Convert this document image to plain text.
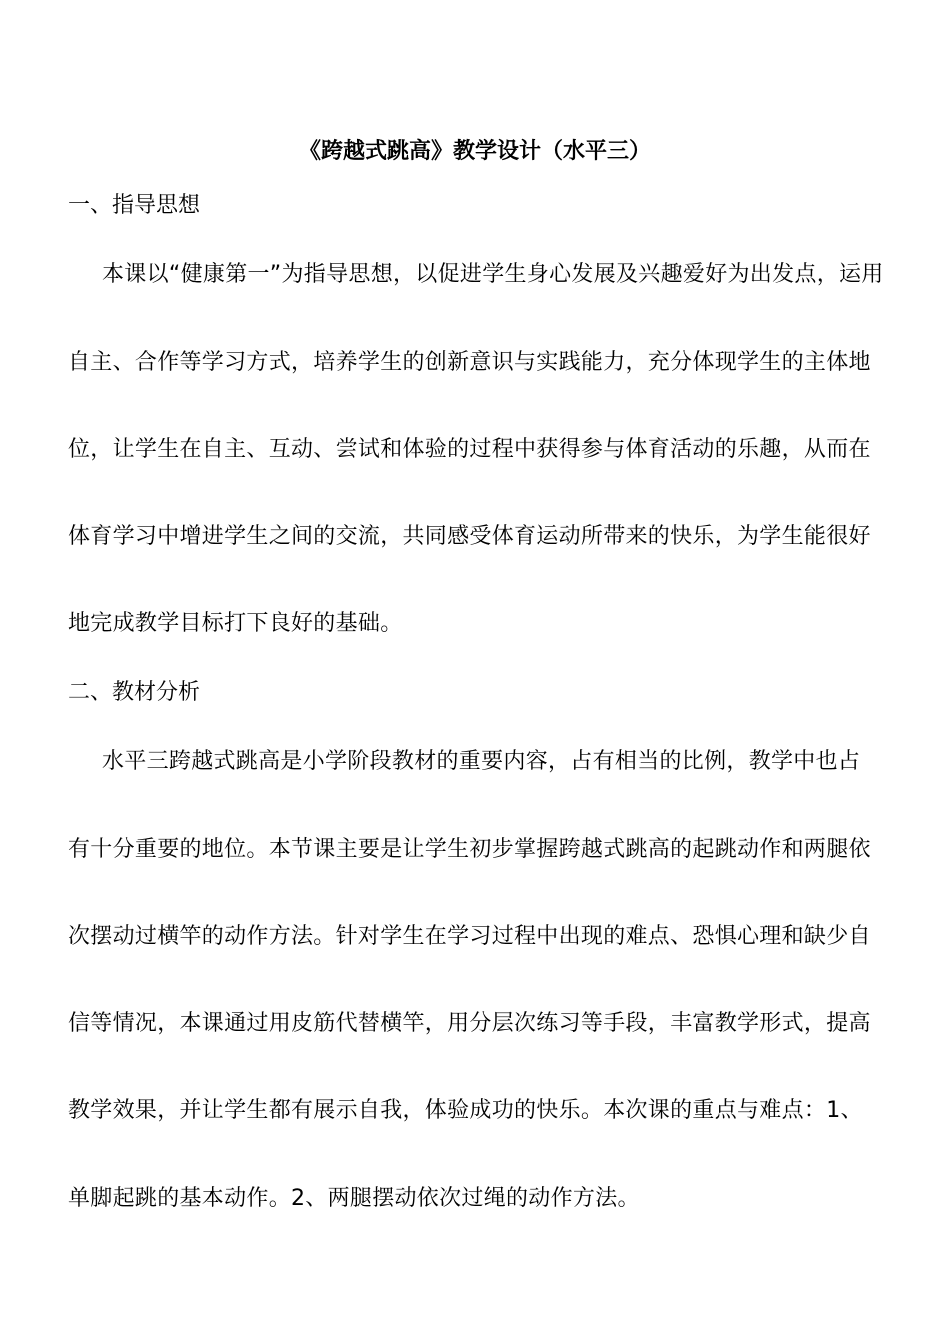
《跨越式跳高》教学设计（水平三）
一、指导思想
本课以“健康第一”为指导思想，以促进学生身心发展及兴趣爱好为出发点，运用
自主、合作等学习方式，培养学生的创新意识与实践能力，充分体现学生的主体地
位，让学生在自主、互动、尝试和体验的过程中获得参与体育活动的乐趣，从而在
体育学习中增进学生之间的交流，共同感受体育运动所带来的快乐，为学生能很好
地完成教学目标打下良好的基础。
二、教材分析
水平三跨越式跳高是小学阶段教材的重要内容，占有相当的比例，教学中也占
有十分重要的地位。本节课主要是让学生初步掌握跨越式跳高的起跳动作和两腿依
次摆动过横竿的动作方法。针对学生在学习过程中出现的难点、恐惧心理和缺少自
信等情况，本课通过用皮筋代替横竿，用分层次练习等手段，丰富教学形式，提高
教学效果，并让学生都有展示自我，体验成功的快乐。本次课的重点与难点：1、
单脚起跳的基本动作。2、两腿摆动依次过绳的动作方法。
